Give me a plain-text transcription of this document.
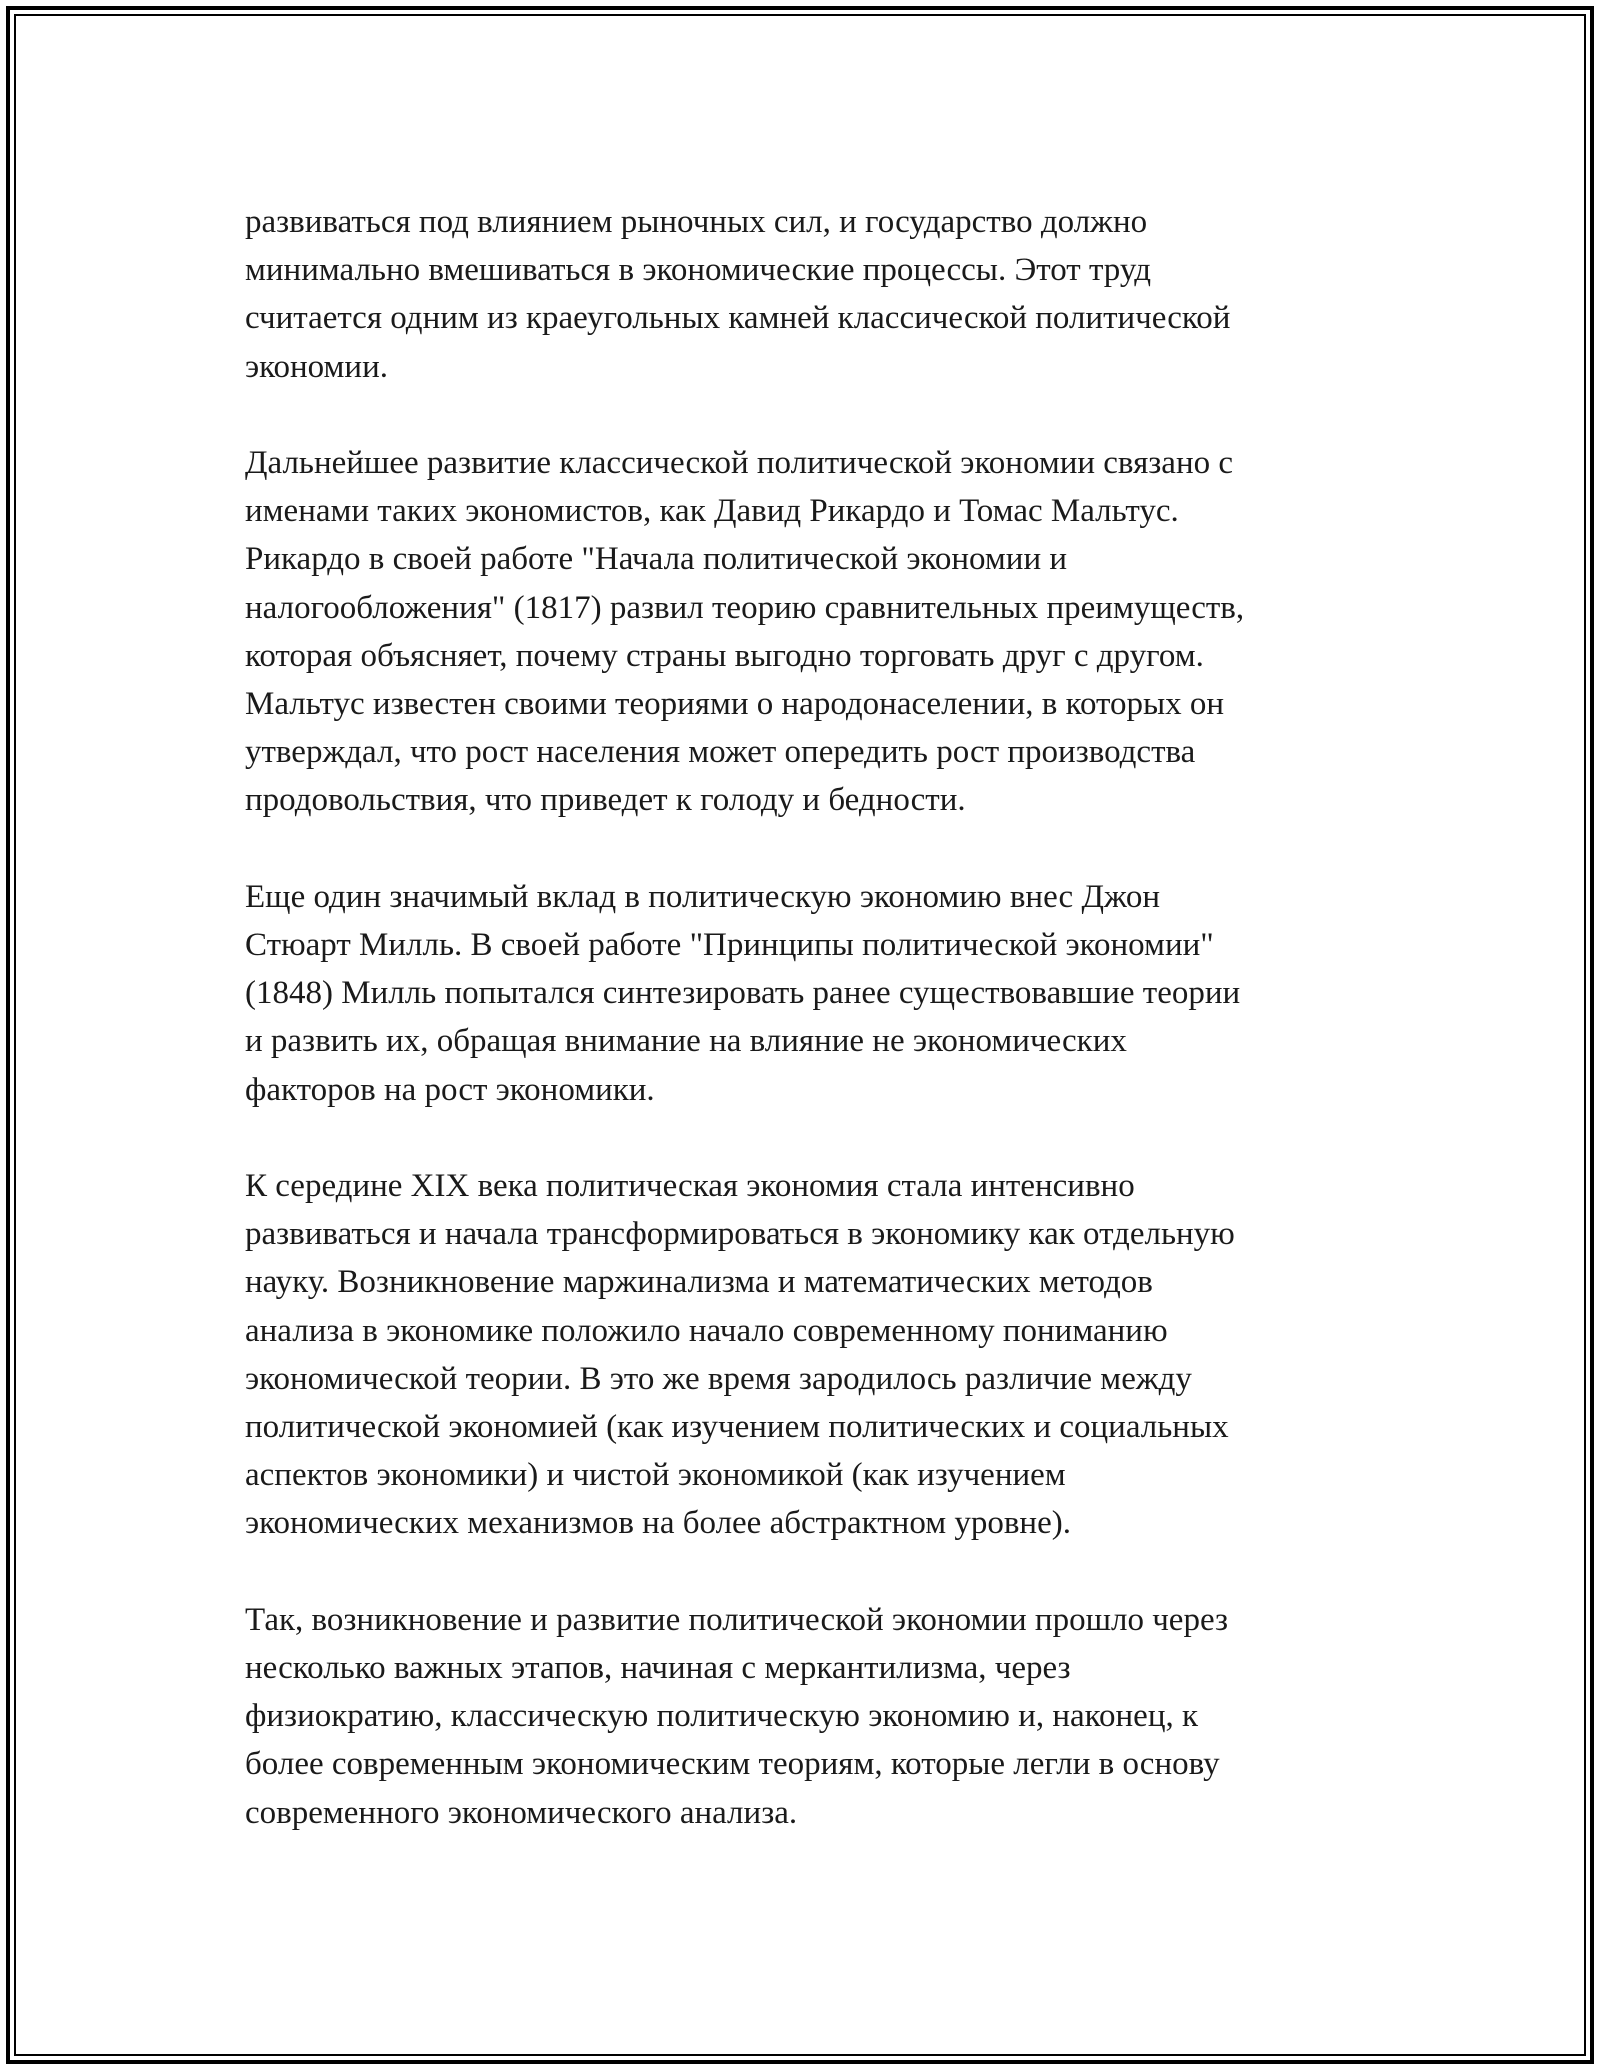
развиваться под влиянием рыночных сил, и государство должно
минимально вмешиваться в экономические процессы. Этот труд
считается одним из краеугольных камней классической политической
экономии.

Дальнейшее развитие классической политической экономии связано с
именами таких экономистов, как Давид Рикардо и Томас Мальтус.
Рикардо в своей работе "Начала политической экономии и
налогообложения" (1817) развил теорию сравнительных преимуществ,
которая объясняет, почему страны выгодно торговать друг с другом.
Мальтус известен своими теориями о народонаселении, в которых он
утверждал, что рост населения может опередить рост производства
продовольствия, что приведет к голоду и бедности.

Еще один значимый вклад в политическую экономию внес Джон
Стюарт Милль. В своей работе "Принципы политической экономии"
(1848) Милль попытался синтезировать ранее существовавшие теории
и развить их, обращая внимание на влияние не экономических
факторов на рост экономики.

К середине XIX века политическая экономия стала интенсивно
развиваться и начала трансформироваться в экономику как отдельную
науку. Возникновение маржинализма и математических методов
анализа в экономике положило начало современному пониманию
экономической теории. В это же время зародилось различие между
политической экономией (как изучением политических и социальных
аспектов экономики) и чистой экономикой (как изучением
экономических механизмов на более абстрактном уровне).

Так, возникновение и развитие политической экономии прошло через
несколько важных этапов, начиная с меркантилизма, через
физиократию, классическую политическую экономию и, наконец, к
более современным экономическим теориям, которые легли в основу
современного экономического анализа.
